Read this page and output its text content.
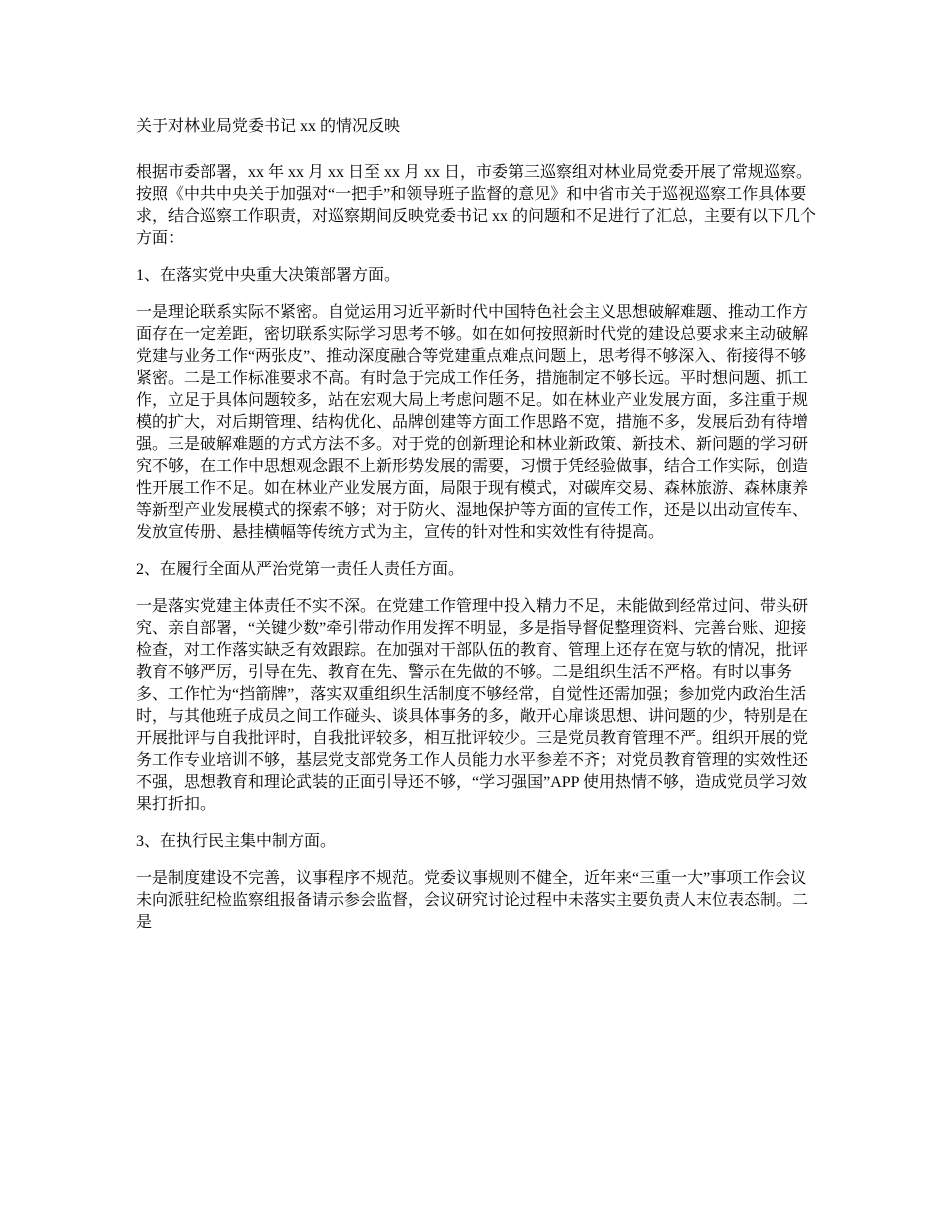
关于对林业局党委书记 xx 的情况反映

根据市委部署，xx 年 xx 月 xx 日至 xx 月 xx 日，市委第三巡察组对林业局党委开展了常规巡察。按照《中共中央关于加强对“一把手”和领导班子监督的意见》和中省市关于巡视巡察工作具体要求，结合巡察工作职责，对巡察期间反映党委书记 xx 的问题和不足进行了汇总，主要有以下几个方面：

1、在落实党中央重大决策部署方面。

一是理论联系实际不紧密。自觉运用习近平新时代中国特色社会主义思想破解难题、推动工作方面存在一定差距，密切联系实际学习思考不够。如在如何按照新时代党的建设总要求来主动破解党建与业务工作“两张皮”、推动深度融合等党建重点难点问题上，思考得不够深入、衔接得不够紧密。二是工作标准要求不高。有时急于完成工作任务，措施制定不够长远。平时想问题、抓工作，立足于具体问题较多，站在宏观大局上考虑问题不足。如在林业产业发展方面，多注重于规模的扩大，对后期管理、结构优化、品牌创建等方面工作思路不宽，措施不多，发展后劲有待增强。三是破解难题的方式方法不多。对于党的创新理论和林业新政策、新技术、新问题的学习研究不够，在工作中思想观念跟不上新形势发展的需要，习惯于凭经验做事，结合工作实际，创造性开展工作不足。如在林业产业发展方面，局限于现有模式，对碳库交易、森林旅游、森林康养等新型产业发展模式的探索不够；对于防火、湿地保护等方面的宣传工作，还是以出动宣传车、发放宣传册、悬挂横幅等传统方式为主，宣传的针对性和实效性有待提高。

2、在履行全面从严治党第一责任人责任方面。

一是落实党建主体责任不实不深。在党建工作管理中投入精力不足，未能做到经常过问、带头研究、亲自部署，“关键少数”牵引带动作用发挥不明显，多是指导督促整理资料、完善台账、迎接检查，对工作落实缺乏有效跟踪。在加强对干部队伍的教育、管理上还存在宽与软的情况，批评教育不够严厉，引导在先、教育在先、警示在先做的不够。二是组织生活不严格。有时以事务多、工作忙为“挡箭牌”，落实双重组织生活制度不够经常，自觉性还需加强；参加党内政治生活时，与其他班子成员之间工作碰头、谈具体事务的多，敞开心扉谈思想、讲问题的少，特别是在开展批评与自我批评时，自我批评较多，相互批评较少。三是党员教育管理不严。组织开展的党务工作专业培训不够，基层党支部党务工作人员能力水平参差不齐；对党员教育管理的实效性还不强，思想教育和理论武装的正面引导还不够，“学习强国”APP 使用热情不够，造成党员学习效果打折扣。

3、在执行民主集中制方面。

一是制度建设不完善，议事程序不规范。党委议事规则不健全，近年来“三重一大”事项工作会议未向派驻纪检监察组报备请示参会监督，会议研究讨论过程中未落实主要负责人末位表态制。二是
